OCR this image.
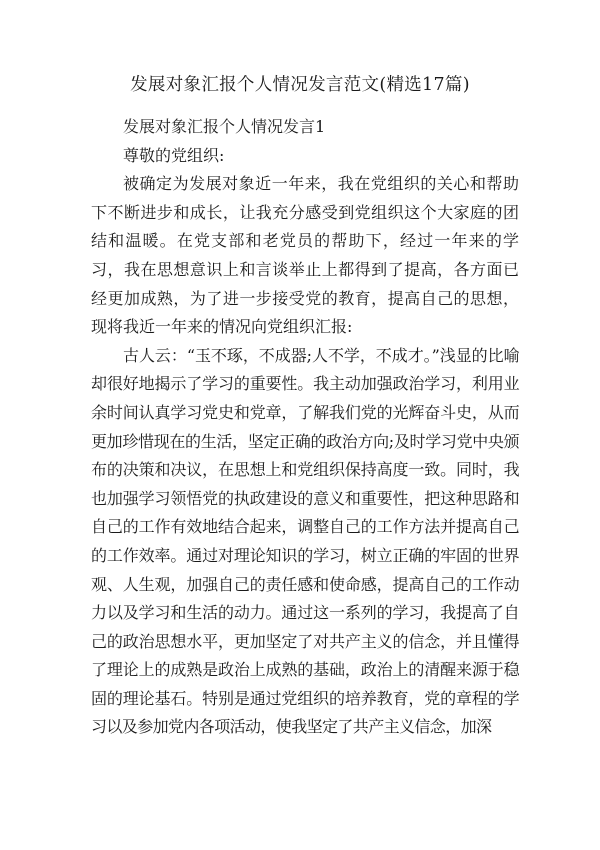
发展对象汇报个人情况发言范文(精选17篇)

发展对象汇报个人情况发言1

尊敬的党组织:

被确定为发展对象近一年来，我在党组织的关心和帮助下不断进步和成长，让我充分感受到党组织这个大家庭的团结和温暖。在党支部和老党员的帮助下，经过一年来的学习，我在思想意识上和言谈举止上都得到了提高，各方面已经更加成熟，为了进一步接受党的教育，提高自己的思想，现将我近一年来的情况向党组织汇报:

古人云：“玉不琢，不成器;人不学，不成才。”浅显的比喻却很好地揭示了学习的重要性。我主动加强政治学习，利用业余时间认真学习党史和党章，了解我们党的光辉奋斗史，从而更加珍惜现在的生活，坚定正确的政治方向;及时学习党中央颁布的决策和决议，在思想上和党组织保持高度一致。同时，我也加强学习领悟党的执政建设的意义和重要性，把这种思路和自己的工作有效地结合起来，调整自己的工作方法并提高自己的工作效率。通过对理论知识的学习，树立正确的牢固的世界观、人生观，加强自己的责任感和使命感，提高自己的工作动力以及学习和生活的动力。通过这一系列的学习，我提高了自己的政治思想水平，更加坚定了对共产主义的信念，并且懂得了理论上的成熟是政治上成熟的基础，政治上的清醒来源于稳固的理论基石。特别是通过党组织的培养教育，党的章程的学习以及参加党内各项活动，使我坚定了共产主义信念，加深
